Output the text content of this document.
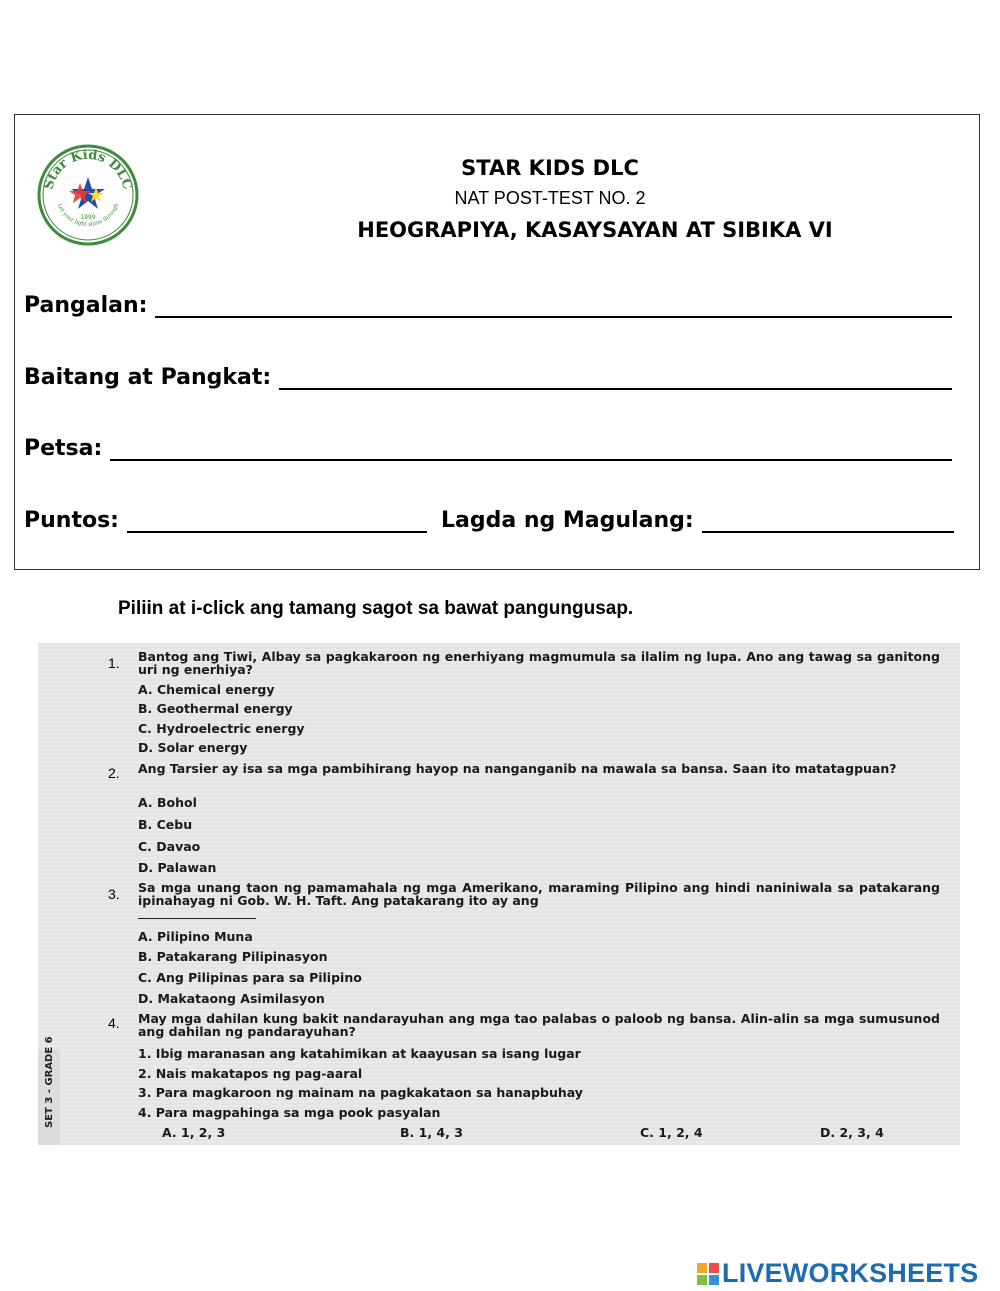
Star Kids DLC
1999
Let your light shine through
STAR KIDS DLC
NAT POST-TEST NO. 2
HEOGRAPIYA, KASAYSAYAN AT SIBIKA VI
Pangalan:
Baitang at Pangkat:
Petsa:
Puntos:	Lagda ng Magulang:
Piliin at i-click ang tamang sagot sa bawat pangungusap.
SET 3 - GRADE 6
1. Bantog ang Tiwi, Albay sa pagkakaroon ng enerhiyang magmumula sa ilalim ng lupa. Ano ang tawag sa ganitong uri ng enerhiya?
A. Chemical energy
B. Geothermal energy
C. Hydroelectric energy
D. Solar energy
2. Ang Tarsier ay isa sa mga pambihirang hayop na nanganganib na mawala sa bansa. Saan ito matatagpuan?
A. Bohol
B. Cebu
C. Davao
D. Palawan
3. Sa mga unang taon ng pamamahala ng mga Amerikano, maraming Pilipino ang hindi naniniwala sa patakarang ipinahayag ni Gob. W. H. Taft. Ang patakarang ito ay ang
A. Pilipino Muna
B. Patakarang Pilipinasyon
C. Ang Pilipinas para sa Pilipino
D. Makataong Asimilasyon
4. May mga dahilan kung bakit nandarayuhan ang mga tao palabas o paloob ng bansa. Alin-alin sa mga sumusunod ang dahilan ng pandarayuhan?
1. Ibig maranasan ang katahimikan at kaayusan sa isang lugar
2. Nais makatapos ng pag-aaral
3. Para magkaroon ng mainam na pagkakataon sa hanapbuhay
4. Para magpahinga sa mga pook pasyalan
A. 1, 2, 3	B. 1, 4, 3	C. 1, 2, 4	D. 2, 3, 4
LIVEWORKSHEETS
